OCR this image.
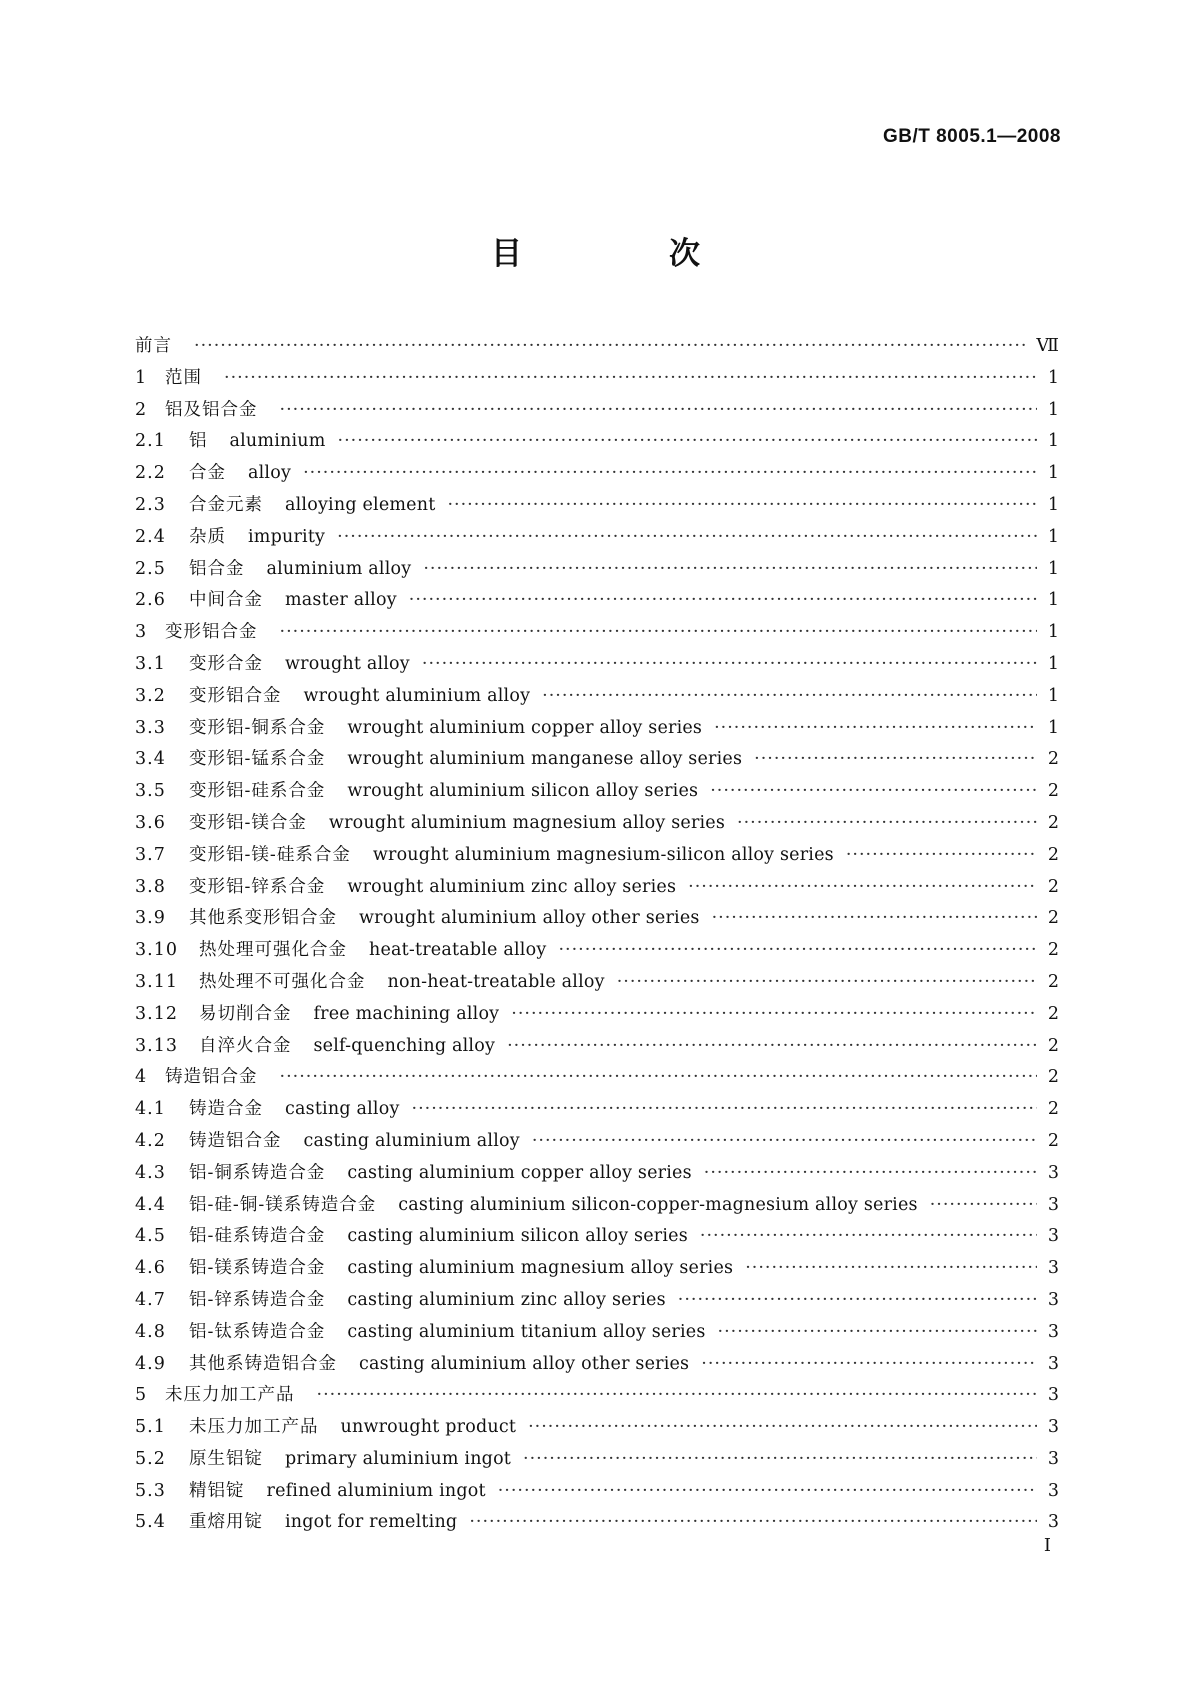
GB/T 8005.1—2008
目　次
前言 ·····	Ⅶ
1	范围 ·····	1
2	铝及铝合金 ·····	1
2.1	铝 aluminium ·····	1
2.2	合金 alloy ·····	1
2.3	合金元素 alloying element ·····	1
2.4	杂质 impurity ·····	1
2.5	铝合金 aluminium alloy ·····	1
2.6	中间合金 master alloy ·····	1
3	变形铝合金 ·····	1
3.1	变形合金 wrought alloy ·····	1
3.2	变形铝合金 wrought aluminium alloy ·····	1
3.3	变形铝-铜系合金 wrought aluminium copper alloy series ·····	1
3.4	变形铝-锰系合金 wrought aluminium manganese alloy series ·····	2
3.5	变形铝-硅系合金 wrought aluminium silicon alloy series ·····	2
3.6	变形铝-镁合金 wrought aluminium magnesium alloy series ·····	2
3.7	变形铝-镁-硅系合金 wrought aluminium magnesium-silicon alloy series ·····	2
3.8	变形铝-锌系合金 wrought aluminium zinc alloy series ·····	2
3.9	其他系变形铝合金 wrought aluminium alloy other series ·····	2
3.10	热处理可强化合金 heat-treatable alloy ·····	2
3.11	热处理不可强化合金 non-heat-treatable alloy ·····	2
3.12	易切削合金 free machining alloy ·····	2
3.13	自淬火合金 self-quenching alloy ·····	2
4	铸造铝合金 ·····	2
4.1	铸造合金 casting alloy ·····	2
4.2	铸造铝合金 casting aluminium alloy ·····	2
4.3	铝-铜系铸造合金 casting aluminium copper alloy series ·····	3
4.4	铝-硅-铜-镁系铸造合金 casting aluminium silicon-copper-magnesium alloy series ·····	3
4.5	铝-硅系铸造合金 casting aluminium silicon alloy series ·····	3
4.6	铝-镁系铸造合金 casting aluminium magnesium alloy series ·····	3
4.7	铝-锌系铸造合金 casting aluminium zinc alloy series ·····	3
4.8	铝-钛系铸造合金 casting aluminium titanium alloy series ·····	3
4.9	其他系铸造铝合金 casting aluminium alloy other series ·····	3
5	未压力加工产品 ·····	3
5.1	未压力加工产品 unwrought product ·····	3
5.2	原生铝锭 primary aluminium ingot ·····	3
5.3	精铝锭 refined aluminium ingot ·····	3
5.4	重熔用锭 ingot for remelting ·····	3
I
